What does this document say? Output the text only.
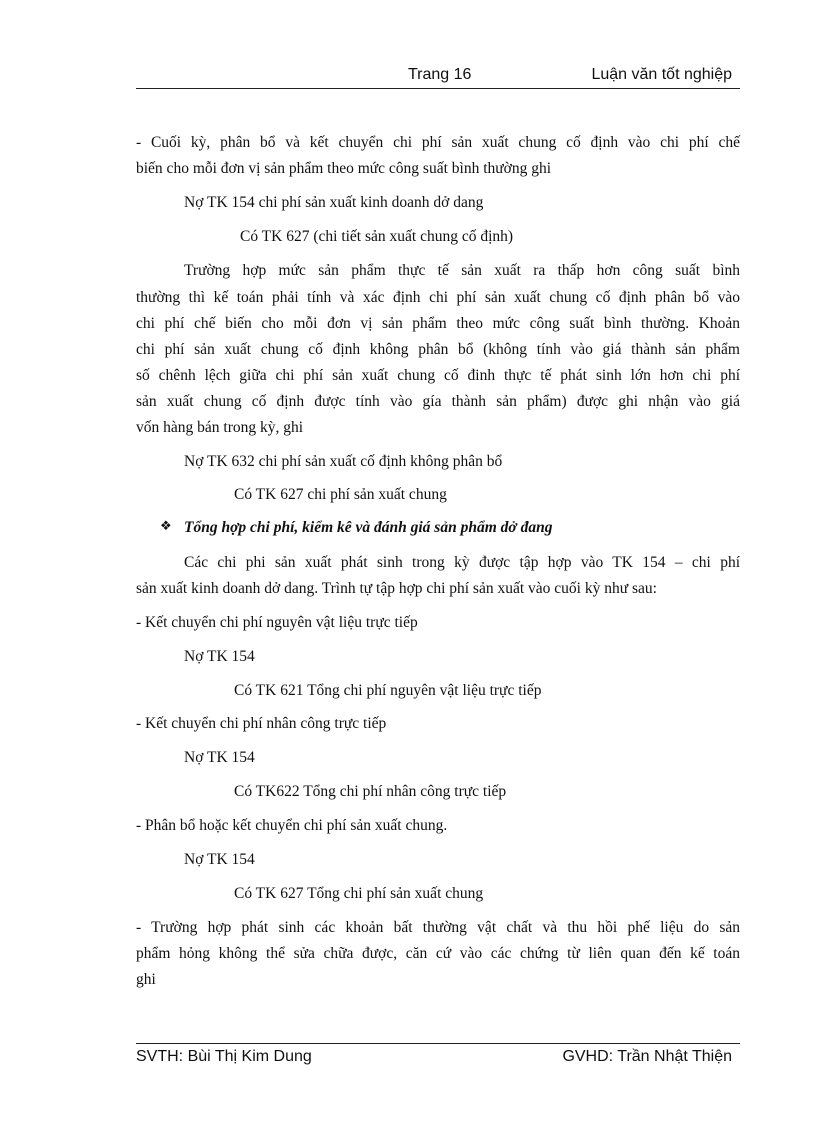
Trang 16	Luận văn tốt nghiệp
- Cuối kỳ, phân bổ và kết chuyển chi phí sản xuất chung cố định vào chi phí chế
biến cho mỗi đơn vị sản phẩm theo mức công suất bình thường ghi
Nợ TK 154 chi phí sản xuất kinh doanh dở dang
Có TK 627 (chi tiết sản xuất chung cố định)
Trường hợp mức sản phẩm thực tế sản xuất ra thấp hơn công suất bình
thường thì kế toán phải tính và xác định chi phí sản xuất chung cố định phân bổ vào
chi phí chế biến cho mỗi đơn vị sản phẩm theo mức công suất bình thường. Khoản
chi phí sản xuất chung cố định không phân bổ (không tính vào giá thành sản phẩm
số chênh lệch giữa chi phí sản xuất chung cố đinh thực tế phát sinh lớn hơn chi phí
sản xuất chung cố định được tính vào gía thành sản phẩm) được ghi nhận vào giá
vốn hàng bán trong kỳ, ghi
Nợ TK 632 chi phí sản xuất cố định không phân bổ
Có TK 627 chi phí sản xuất chung
❖ Tổng hợp chi phí, kiểm kê và đánh giá sản phẩm dở đang
Các chi phi sản xuất phát sinh trong kỳ được tập hợp vào TK 154 – chi phí
sản xuất kinh doanh dở dang. Trình tự tập hợp chi phí sản xuất vào cuối kỳ như sau:
- Kết chuyển chi phí nguyên vật liệu trực tiếp
Nợ TK 154
Có TK 621 Tổng chi phí nguyên vật liệu trực tiếp
- Kết chuyển chi phí nhân công trực tiếp
Nợ TK 154
Có TK622 Tổng chi phí nhân công trực tiếp
- Phân bổ hoặc kết chuyển chi phí sản xuất chung.
Nợ TK 154
Có TK 627 Tổng chi phí sản xuất chung
- Trường hợp phát sinh các khoản bất thường vật chất và thu hồi phế liệu do sản
phẩm hỏng không thể sửa chữa được, căn cứ vào các chứng từ liên quan đến kế toán
ghi
SVTH: Bùi Thị Kim Dung	GVHD: Trần Nhật Thiện
